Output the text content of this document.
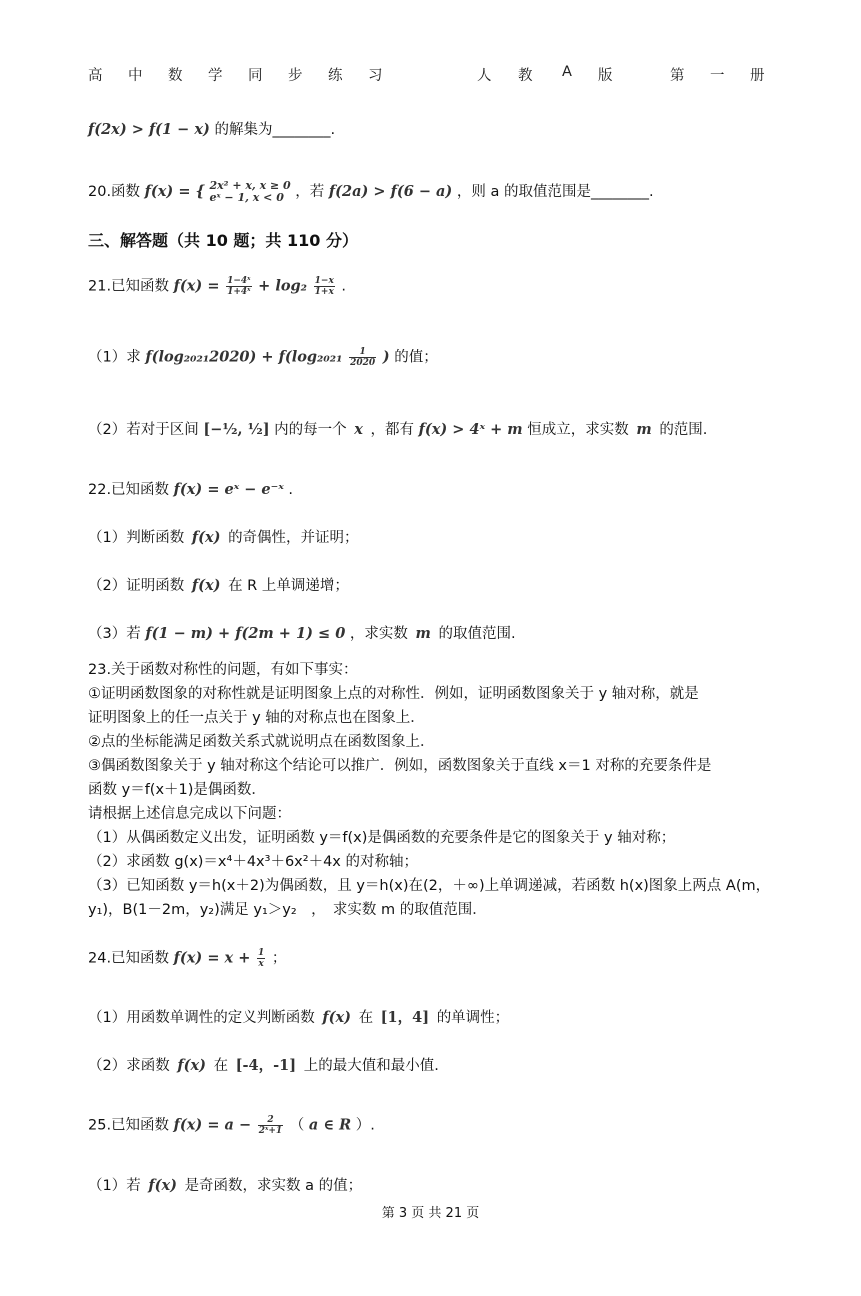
高 中 数 学 同 步 练 习	人 教 A 版	第 一 册
f(2x) > f(1 − x) 的解集为________.
20.函数 f(x) = { 2x² + x, x ≥ 0
eˣ − 1, x < 0 ，若 f(2a) > f(6 − a) ，则 a 的取值范围是________.
三、解答题（共 10 题；共 110 分）
21.已知函数 $f(x) = \frac{\text{1−4ˣ}}{\text{1+4ˣ}} + \log_2 \frac{1-x}{1+x}$ .
（1）求 $f(\log_{2021}2020) + f(\log_{2021} \frac{1}{2020}$ ) 的值；
（2）若对于区间 [−½, ½] 内的每一个 x ，都有 f(x) > 4ˣ + m 恒成立，求实数 m 的范围.
22.已知函数 f(x) = eˣ − e⁻ˣ .
（1）判断函数 f(x) 的奇偶性，并证明；
（2）证明函数 f(x) 在 R 上单调递增；
（3）若 f(1 − m) + f(2m + 1) ≤ 0 ，求实数 m 的取值范围.
23.关于函数对称性的问题，有如下事实：
①证明函数图象的对称性就是证明图象上点的对称性．例如，证明函数图象关于 y 轴对称，就是
证明图象上的任一点关于 y 轴的对称点也在图象上．
②点的坐标能满足函数关系式就说明点在函数图象上．
③偶函数图象关于 y 轴对称这个结论可以推广．例如，函数图象关于直线 x＝1 对称的充要条件是
函数 y＝f(x＋1)是偶函数．
请根据上述信息完成以下问题：
（1）从偶函数定义出发，证明函数 y＝f(x)是偶函数的充要条件是它的图象关于 y 轴对称；
（2）求函数 g(x)＝x⁴＋4x³＋6x²＋4x 的对称轴；
（3）已知函数 y＝h(x＋2)为偶函数，且 y＝h(x)在(2，＋∞)上单调递减，若函数 h(x)图象上两点 A(m，
y₁)，B(1－2m，y₂)满足 y₁＞y₂　，　求实数 m 的取值范围．
24.已知函数 $f(x) = x + \frac{1}{x}$ ；
（1）用函数单调性的定义判断函数 f(x) 在 [1，4] 的单调性；
（2）求函数 f(x) 在 [-4，-1] 上的最大值和最小值.
25.已知函数 $f(x) = a - \frac{2}{\text{2ˣ+1}}$ （ a ∈ R ）.
（1）若 f(x) 是奇函数，求实数 a 的值；
第 3 页 共 21 页
